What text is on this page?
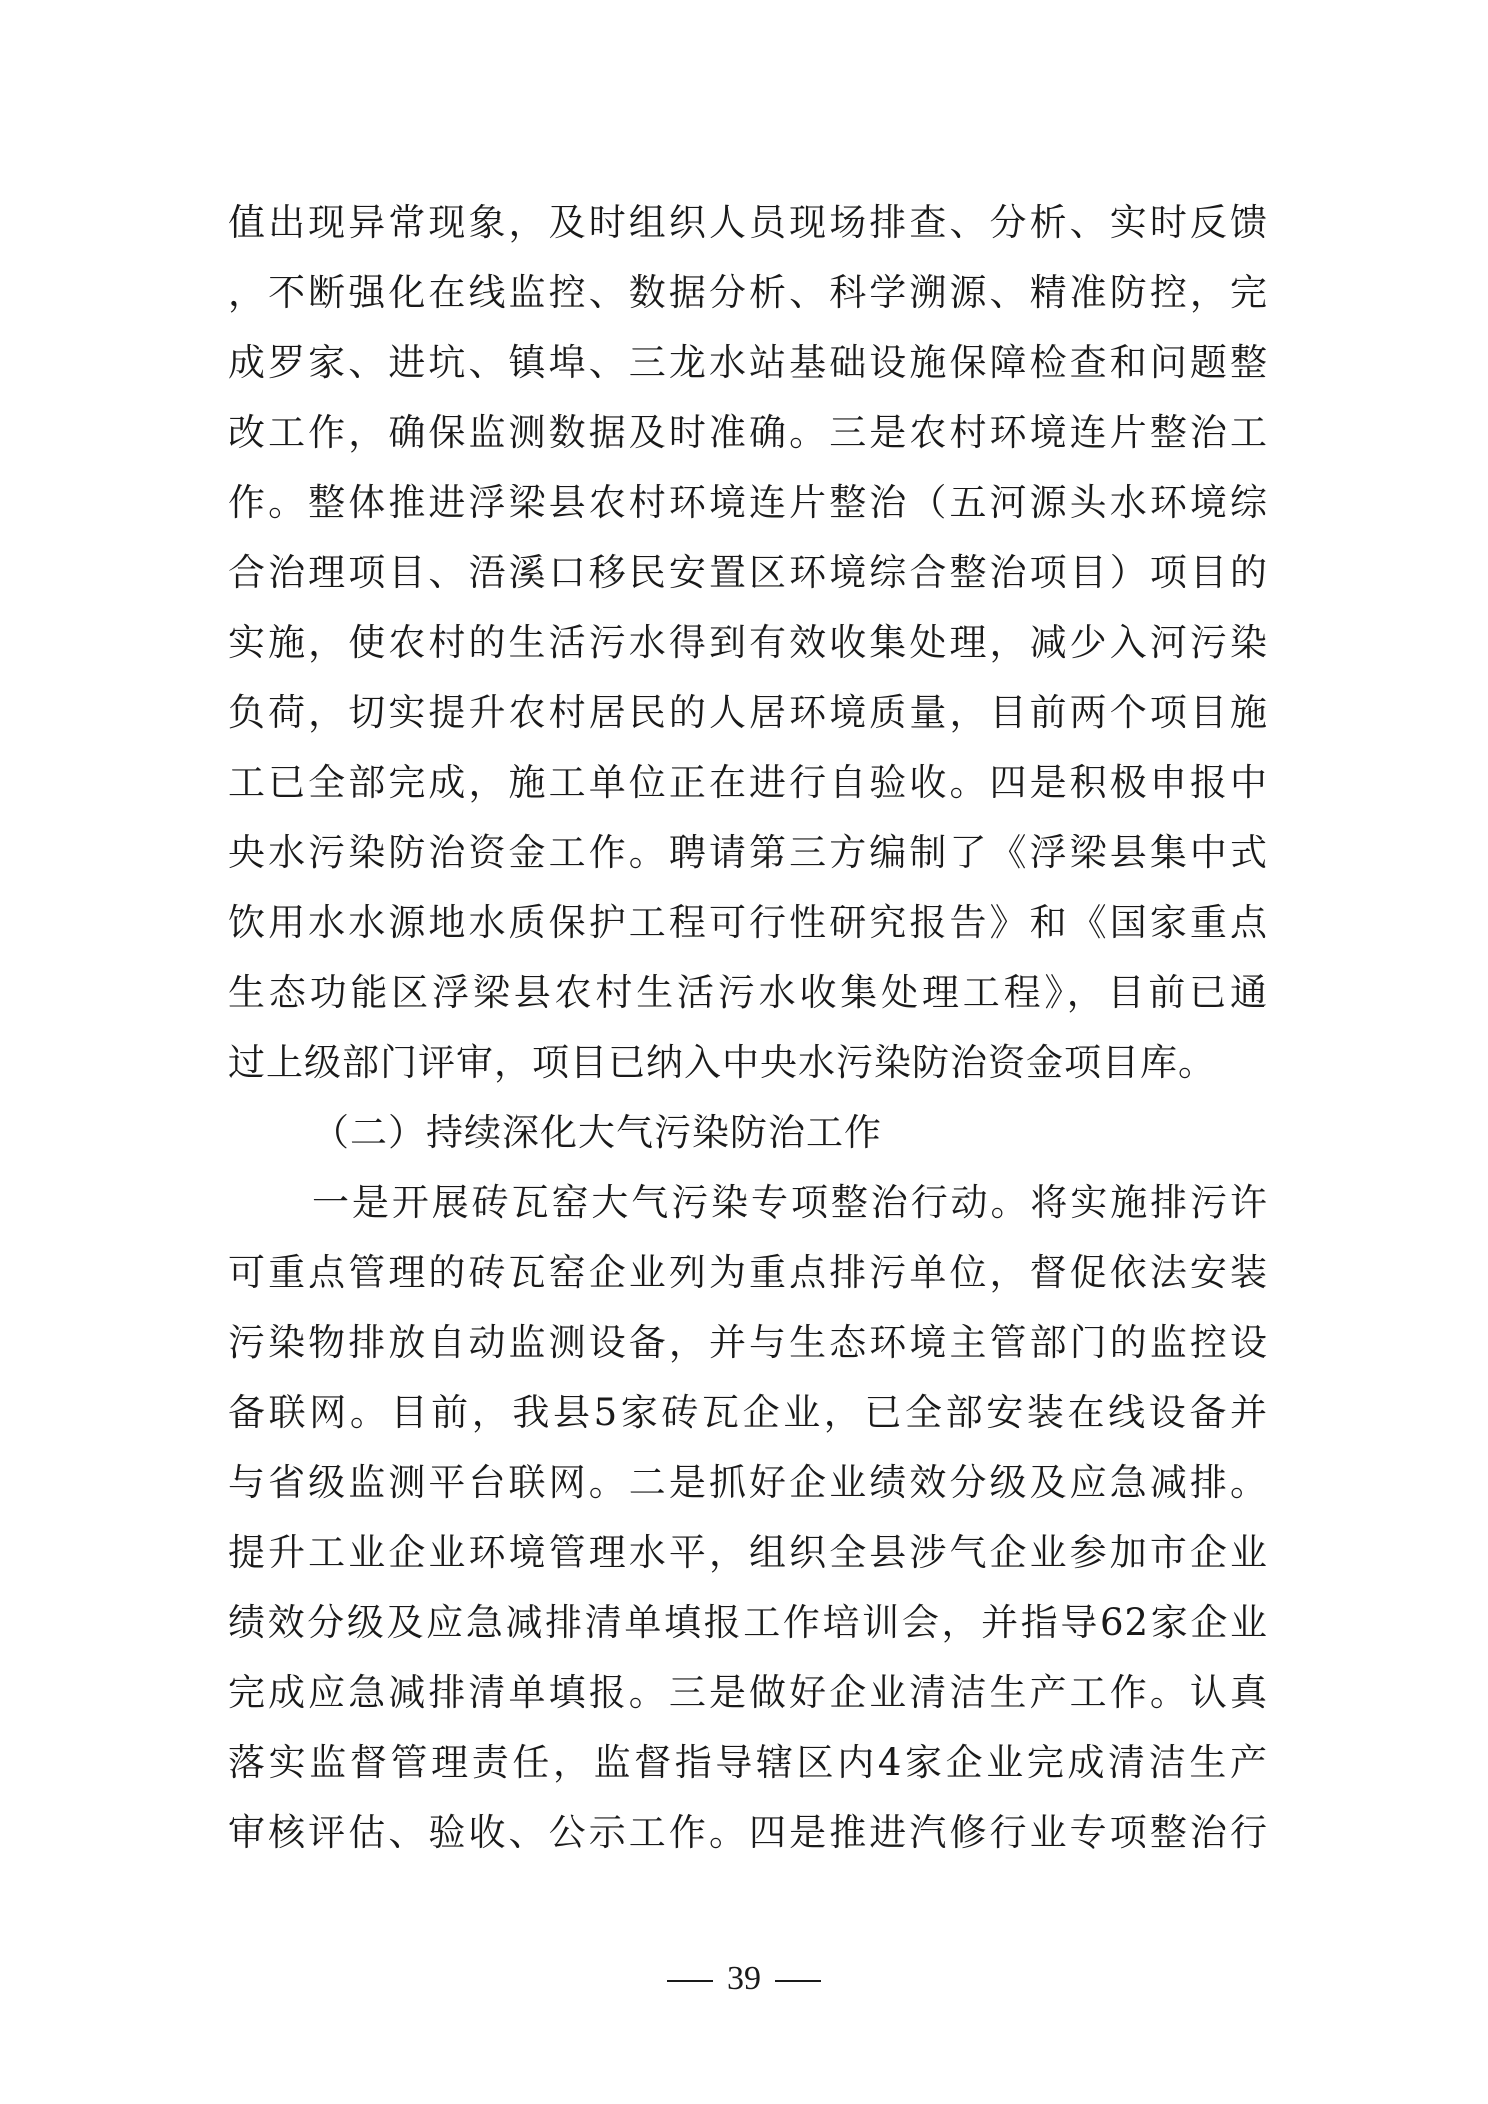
值出现异常现象，及时组织人员现场排查、分析、实时反馈
，不断强化在线监控、数据分析、科学溯源、精准防控，完
成罗家、进坑、镇埠、三龙水站基础设施保障检查和问题整
改工作，确保监测数据及时准确。三是农村环境连片整治工
作。整体推进浮梁县农村环境连片整治（五河源头水环境综
合治理项目、浯溪口移民安置区环境综合整治项目）项目的
实施，使农村的生活污水得到有效收集处理，减少入河污染
负荷，切实提升农村居民的人居环境质量，目前两个项目施
工已全部完成，施工单位正在进行自验收。四是积极申报中
央水污染防治资金工作。聘请第三方编制了《浮梁县集中式
饮用水水源地水质保护工程可行性研究报告》和《国家重点
生态功能区浮梁县农村生活污水收集处理工程》，目前已通
过上级部门评审，项目已纳入中央水污染防治资金项目库。
（二）持续深化大气污染防治工作
一是开展砖瓦窑大气污染专项整治行动。将实施排污许
可重点管理的砖瓦窑企业列为重点排污单位，督促依法安装
污染物排放自动监测设备，并与生态环境主管部门的监控设
备联网。目前，我县5家砖瓦企业，已全部安装在线设备并
与省级监测平台联网。二是抓好企业绩效分级及应急减排。
提升工业企业环境管理水平，组织全县涉气企业参加市企业
绩效分级及应急减排清单填报工作培训会，并指导62家企业
完成应急减排清单填报。三是做好企业清洁生产工作。认真
落实监督管理责任，监督指导辖区内4家企业完成清洁生产
审核评估、验收、公示工作。四是推进汽修行业专项整治行
39
